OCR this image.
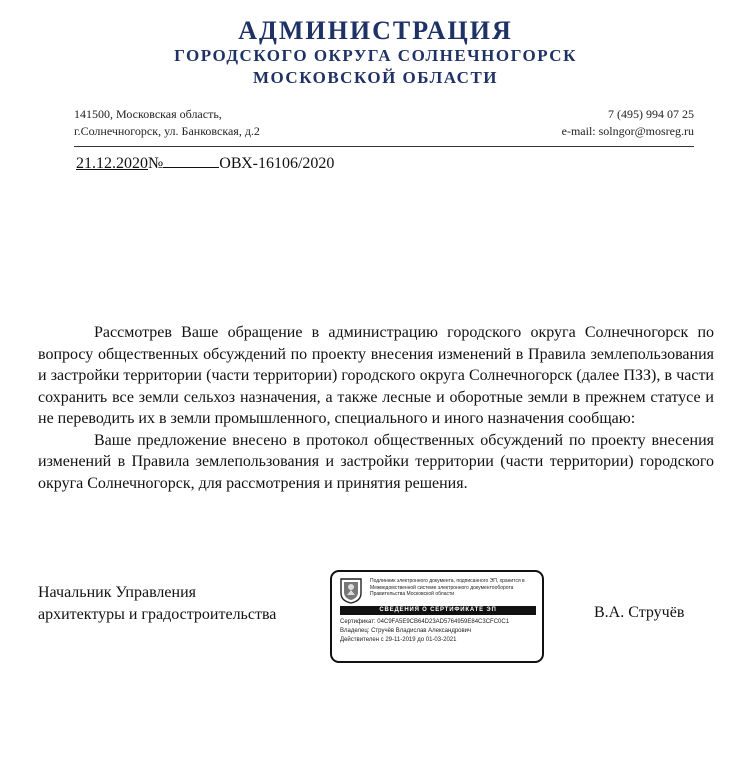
АДМИНИСТРАЦИЯ
ГОРОДСКОГО ОКРУГА СОЛНЕЧНОГОРСК
МОСКОВСКОЙ ОБЛАСТИ
141500, Московская область,
г.Солнечногорск, ул. Банковская, д.2
7 (495) 994 07 25
e-mail: solngor@mosreg.ru
21.12.2020№	ОВХ-16106/2020

Рассмотрев Ваше обращение в администрацию городского округа Солнечногорск по вопросу общественных обсуждений по проекту внесения изменений в Правила землепользования и застройки территории (части территории) городского округа Солнечногорск (далее ПЗЗ), в части сохранить все земли сельхоз назначения, а также лесные и оборотные земли в прежнем статусе и не переводить их в земли промышленного, специального и иного назначения сообщаю:

Ваше предложение внесено в протокол общественных обсуждений по проекту внесения изменений в Правила землепользования и застройки территории (части территории) городского округа Солнечногорск, для рассмотрения и принятия решения.

Начальник Управления
архитектуры и градостроительства
Подлинник электронного документа, подписанного ЭП, хранится в Межведомственной системе электронного документооборота Правительства Московской области
СВЕДЕНИЯ О СЕРТИФИКАТЕ ЭП
Сертификат: 04C9FA5E9CB64D23AD5764959E84C3CFC0C1
Владелец: Стручёв Владислав Александрович
Действителен с 29-11-2019 до 01-03-2021
В.А. Стручёв
